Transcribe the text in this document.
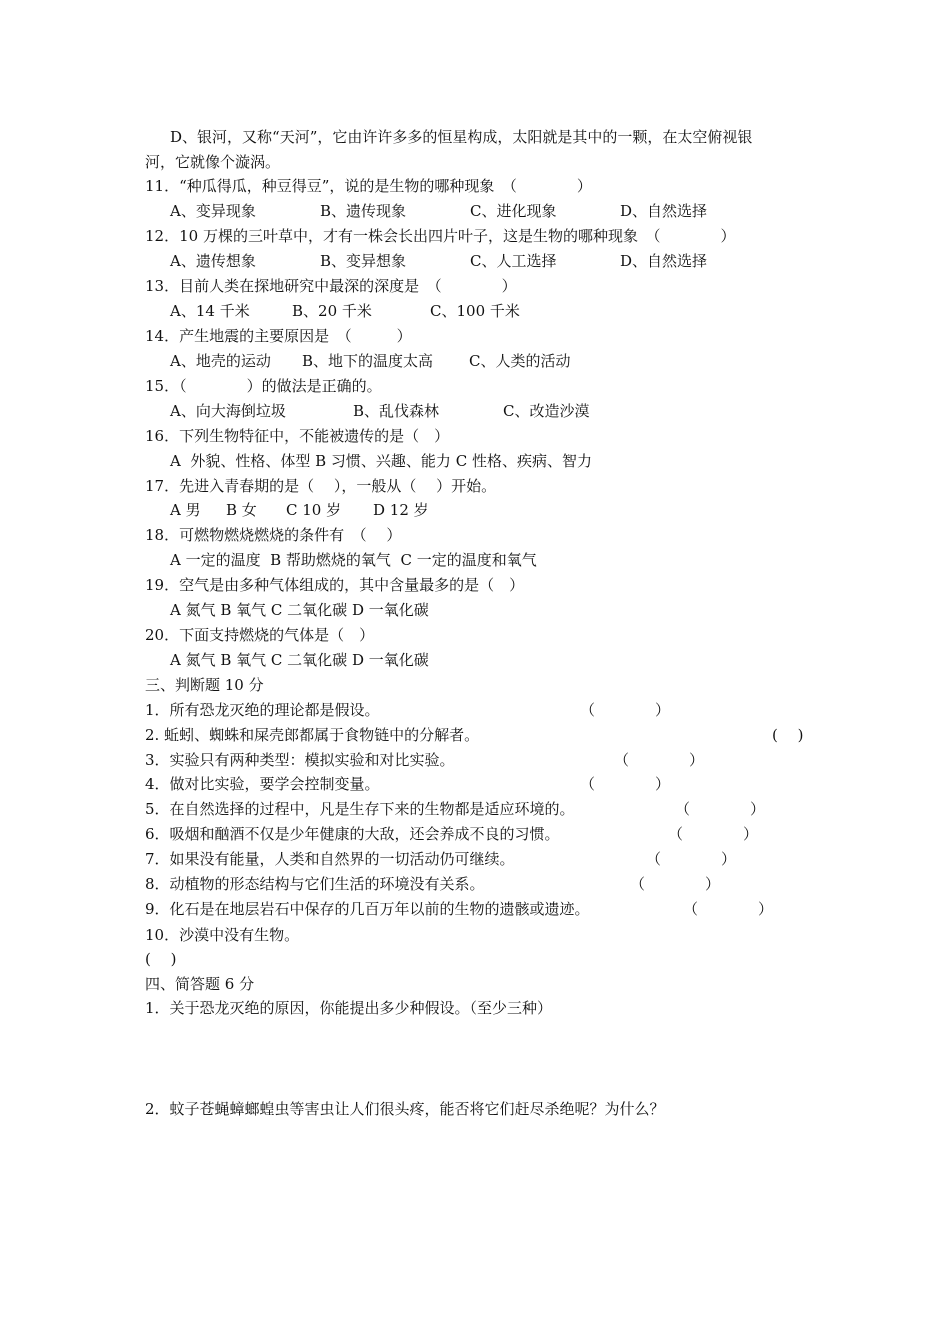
D、银河，又称“天河”，它由许许多多的恒星构成，太阳就是其中的一颗，在太空俯视银
河，它就像个漩涡。
11．“种瓜得瓜，种豆得豆”，说的是生物的哪种现象　（　　　　）
A、变异现象	B、遗传现象	C、进化现象	D、自然选择
12．10 万棵的三叶草中，才有一株会长出四片叶子，这是生物的哪种现象　（　　　　）
A、遗传想象	B、变异想象	C、人工选择	D、自然选择
13．目前人类在探地研究中最深的深度是　（　　　　）
A、14 千米	B、20 千米	C、100 千米
14．产生地震的主要原因是　（　　　）
A、地壳的运动 B、地下的温度太高 C、人类的活动
15．（　　　　）的做法是正确的。
A、向大海倒垃圾	B、乱伐森林	C、改造沙漠
16．下列生物特征中，不能被遗传的是（　）
A  外貌、性格、体型 B 习惯、兴趣、能力 C 性格、疾病、智力
17．先进入青春期的是（　 ），一般从（　 ）开始。
A 男 B 女 C 10 岁 D 12 岁
18．可燃物燃烧燃烧的条件有　（　 ）
A 一定的温度  B 帮助燃烧的氧气  C 一定的温度和氧气
19．空气是由多种气体组成的，其中含量最多的是（　）
A 氮气 B 氧气 C 二氧化碳 D 一氧化碳
20．下面支持燃烧的气体是（　）
A 氮气 B 氧气 C 二氧化碳 D 一氧化碳
三、判断题 10 分
1．所有恐龙灭绝的理论都是假设。	（　　　　）
2. 蚯蚓、蜘蛛和屎壳郎都属于食物链中的分解者。	(　 )
3．实验只有两种类型：模拟实验和对比实验。	（　　　　）
4．做对比实验，要学会控制变量。	（　　　　）
5．在自然选择的过程中，凡是生存下来的生物都是适应环境的。	（　　　　）
6．吸烟和酗酒不仅是少年健康的大敌，还会养成不良的习惯。	（　　　　）
7．如果没有能量，人类和自然界的一切活动仍可继续。	（　　　　）
8．动植物的形态结构与它们生活的环境没有关系。	（　　　　）
9．化石是在地层岩石中保存的几百万年以前的生物的遗骸或遗迹。	（　　　　）
10．沙漠中没有生物。
(　 )
四、简答题 6 分
1．关于恐龙灭绝的原因，你能提出多少种假设。（至少三种）
2．蚊子苍蝇蟑螂蝗虫等害虫让人们很头疼，能否将它们赶尽杀绝呢？为什么？
